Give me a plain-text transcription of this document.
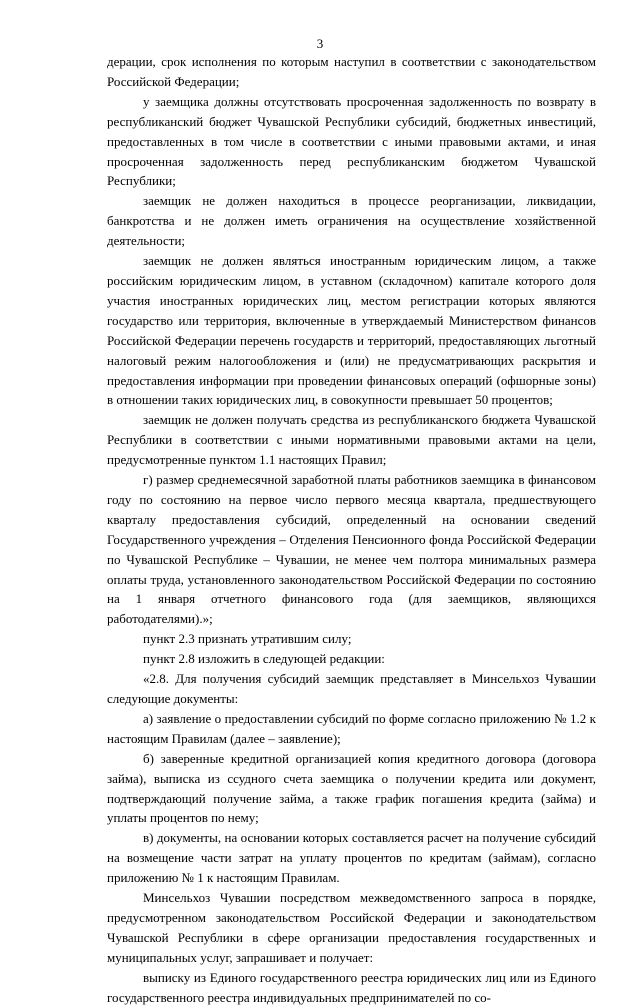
3

дерации, срок исполнения по которым наступил в соответствии с законодательством Российской Федерации;

у заемщика должны отсутствовать просроченная задолженность по возврату в республиканский бюджет Чувашской Республики субсидий, бюджетных инвестиций, предоставленных в том числе в соответствии с иными правовыми актами, и иная просроченная задолженность перед республиканским бюджетом Чувашской Республики;

заемщик не должен находиться в процессе реорганизации, ликвидации, банкротства и не должен иметь ограничения на осуществление хозяйственной деятельности;

заемщик не должен являться иностранным юридическим лицом, а также российским юридическим лицом, в уставном (складочном) капитале которого доля участия иностранных юридических лиц, местом регистрации которых являются государство или территория, включенные в утверждаемый Министерством финансов Российской Федерации перечень государств и территорий, предоставляющих льготный налоговый режим налогообложения и (или) не предусматривающих раскрытия и предоставления информации при проведении финансовых операций (офшорные зоны) в отношении таких юридических лиц, в совокупности превышает 50 процентов;

заемщик не должен получать средства из республиканского бюджета Чувашской Республики в соответствии с иными нормативными правовыми актами на цели, предусмотренные пунктом 1.1 настоящих Правил;

г) размер среднемесячной заработной платы работников заемщика в финансовом году по состоянию на первое число первого месяца квартала, предшествующего кварталу предоставления субсидий, определенный на основании сведений Государственного учреждения – Отделения Пенсионного фонда Российской Федерации по Чувашской Республике – Чувашии, не менее чем полтора минимальных размера оплаты труда, установленного законодательством Российской Федерации по состоянию на 1 января отчетного финансового года (для заемщиков, являющихся работодателями).»;

пункт 2.3 признать утратившим силу;

пункт 2.8 изложить в следующей редакции:

«2.8. Для получения субсидий заемщик представляет в Минсельхоз Чувашии следующие документы:

а) заявление о предоставлении субсидий по форме согласно приложению № 1.2 к настоящим Правилам (далее – заявление);

б) заверенные кредитной организацией копия кредитного договора (договора займа), выписка из ссудного счета заемщика о получении кредита или документ, подтверждающий получение займа, а также график погашения кредита (займа) и уплаты процентов по нему;

в) документы, на основании которых составляется расчет на получение субсидий на возмещение части затрат на уплату процентов по кредитам (займам), согласно приложению № 1 к настоящим Правилам.

Минсельхоз Чувашии посредством межведомственного запроса в порядке, предусмотренном законодательством Российской Федерации и законодательством Чувашской Республики в сфере организации предоставления государственных и муниципальных услуг, запрашивает и получает:

выписку из Единого государственного реестра юридических лиц или из Единого государственного реестра индивидуальных предпринимателей по со-
